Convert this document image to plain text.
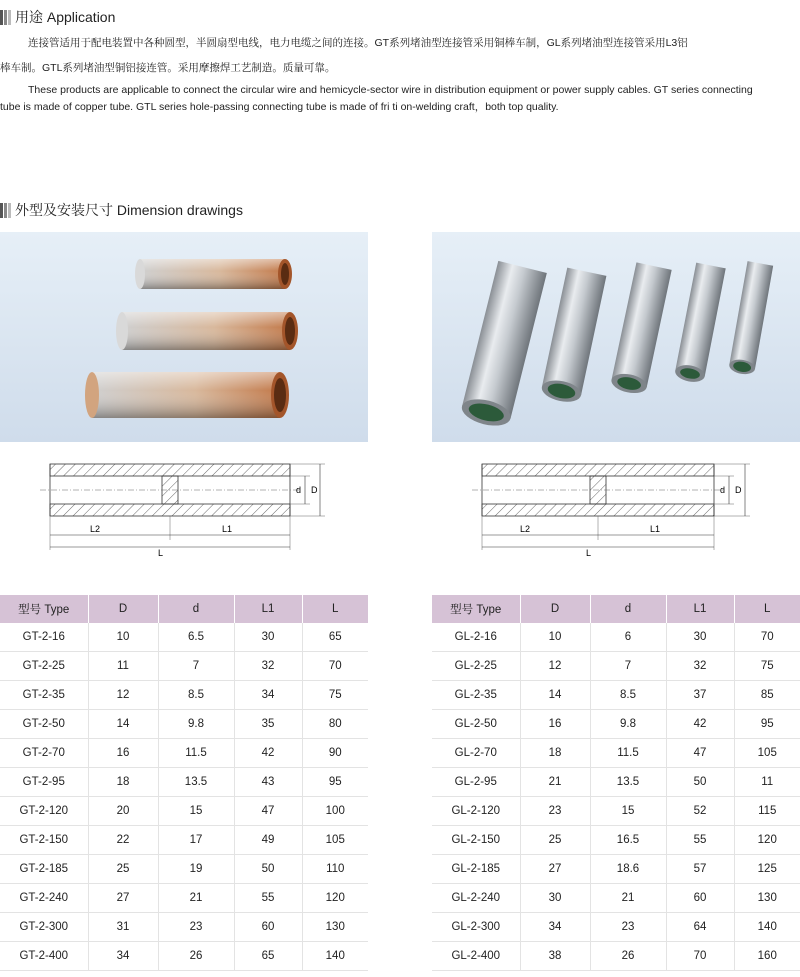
用途 Application
连接管适用于配电装置中各种圆型，半圆扇型电线，电力电缆之间的连接。GT系列堵油型连接管采用铜棒车制，GL系列堵油型连接管采用L3铝
棒车制。GTL系列堵油型铜铝接连管。采用摩擦焊工艺制造。质量可靠。
These products are applicable to connect the circular wire and hemicycle-sector wire in distribution equipment or power supply cables. GT series connecting
tube is made of copper tube. GTL series hole-passing connecting tube is made of fri ti on-welding craft，both top quality.
外型及安装尺寸 Dimension drawings
d D
L2	L1
L
d D
L2	L1
L
型号 Type	D	d	L1	L
GT-2-16	10	6.5	30	65
GT-2-25	11	7	32	70
GT-2-35	12	8.5	34	75
GT-2-50	14	9.8	35	80
GT-2-70	16	11.5	42	90
GT-2-95	18	13.5	43	95
GT-2-120	20	15	47	100
GT-2-150	22	17	49	105
GT-2-185	25	19	50	110
GT-2-240	27	21	55	120
GT-2-300	31	23	60	130
GT-2-400	34	26	65	140
型号 Type	D	d	L1	L
GL-2-16	10	6	30	70
GL-2-25	12	7	32	75
GL-2-35	14	8.5	37	85
GL-2-50	16	9.8	42	95
GL-2-70	18	11.5	47	105
GL-2-95	21	13.5	50	11
GL-2-120	23	15	52	115
GL-2-150	25	16.5	55	120
GL-2-185	27	18.6	57	125
GL-2-240	30	21	60	130
GL-2-300	34	23	64	140
GL-2-400	38	26	70	160
